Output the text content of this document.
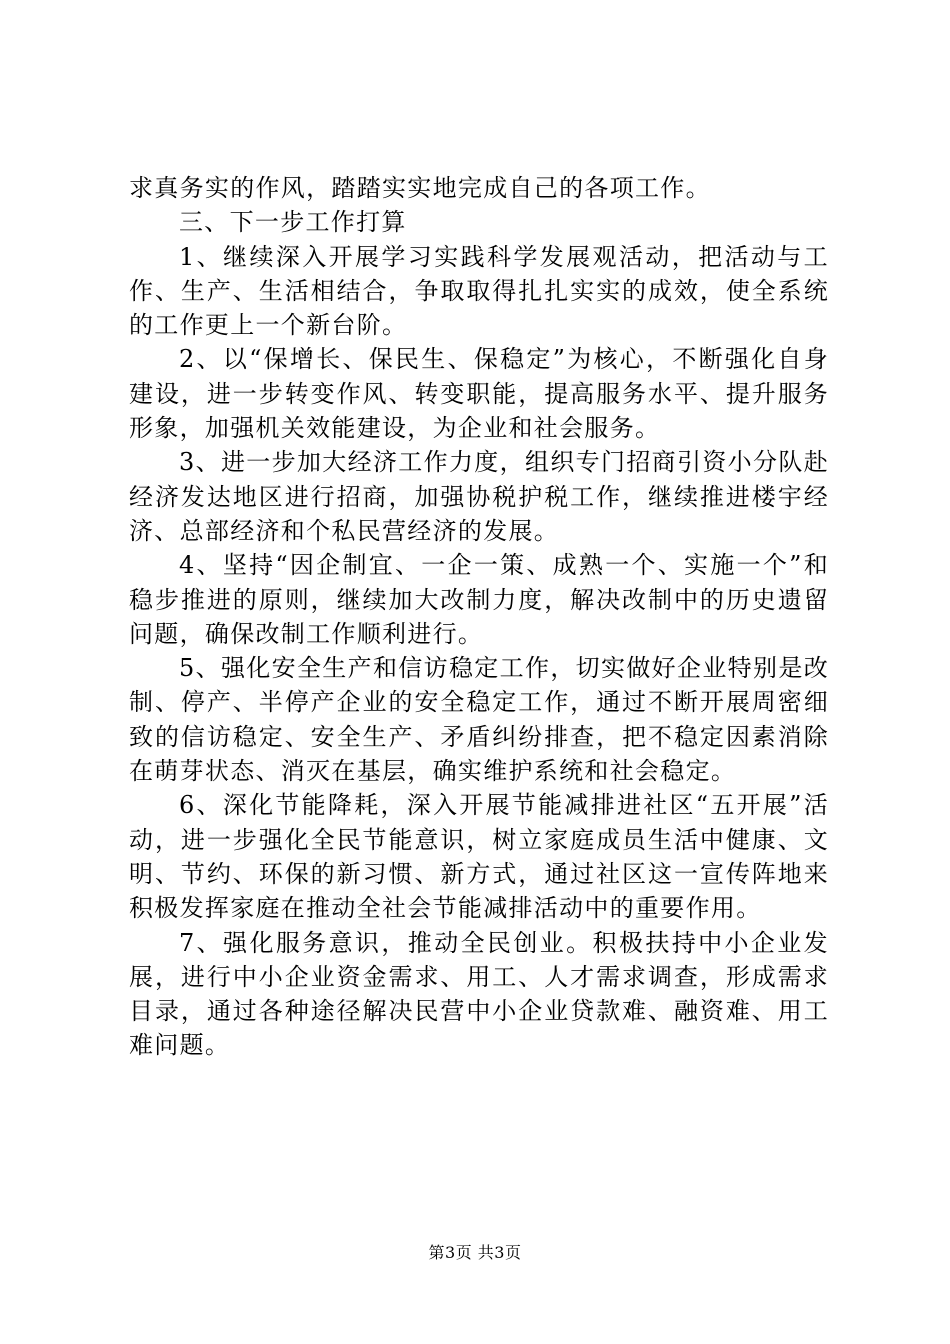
求真务实的作风，踏踏实实地完成自己的各项工作。

三、下一步工作打算

1、继续深入开展学习实践科学发展观活动，把活动与工作、生产、生活相结合，争取取得扎扎实实的成效，使全系统的工作更上一个新台阶。

2、以“保增长、保民生、保稳定”为核心，不断强化自身建设，进一步转变作风、转变职能，提高服务水平、提升服务形象，加强机关效能建设，为企业和社会服务。

3、进一步加大经济工作力度，组织专门招商引资小分队赴经济发达地区进行招商，加强协税护税工作，继续推进楼宇经济、总部经济和个私民营经济的发展。

4、坚持“因企制宜、一企一策、成熟一个、实施一个”和稳步推进的原则，继续加大改制力度，解决改制中的历史遗留问题，确保改制工作顺利进行。

5、强化安全生产和信访稳定工作，切实做好企业特别是改制、停产、半停产企业的安全稳定工作，通过不断开展周密细致的信访稳定、安全生产、矛盾纠纷排查，把不稳定因素消除在萌芽状态、消灭在基层，确实维护系统和社会稳定。

6、深化节能降耗，深入开展节能减排进社区“五开展”活动，进一步强化全民节能意识，树立家庭成员生活中健康、文明、节约、环保的新习惯、新方式，通过社区这一宣传阵地来积极发挥家庭在推动全社会节能减排活动中的重要作用。

7、强化服务意识，推动全民创业。积极扶持中小企业发展，进行中小企业资金需求、用工、人才需求调查，形成需求目录，通过各种途径解决民营中小企业贷款难、融资难、用工难问题。

第3页 共3页
